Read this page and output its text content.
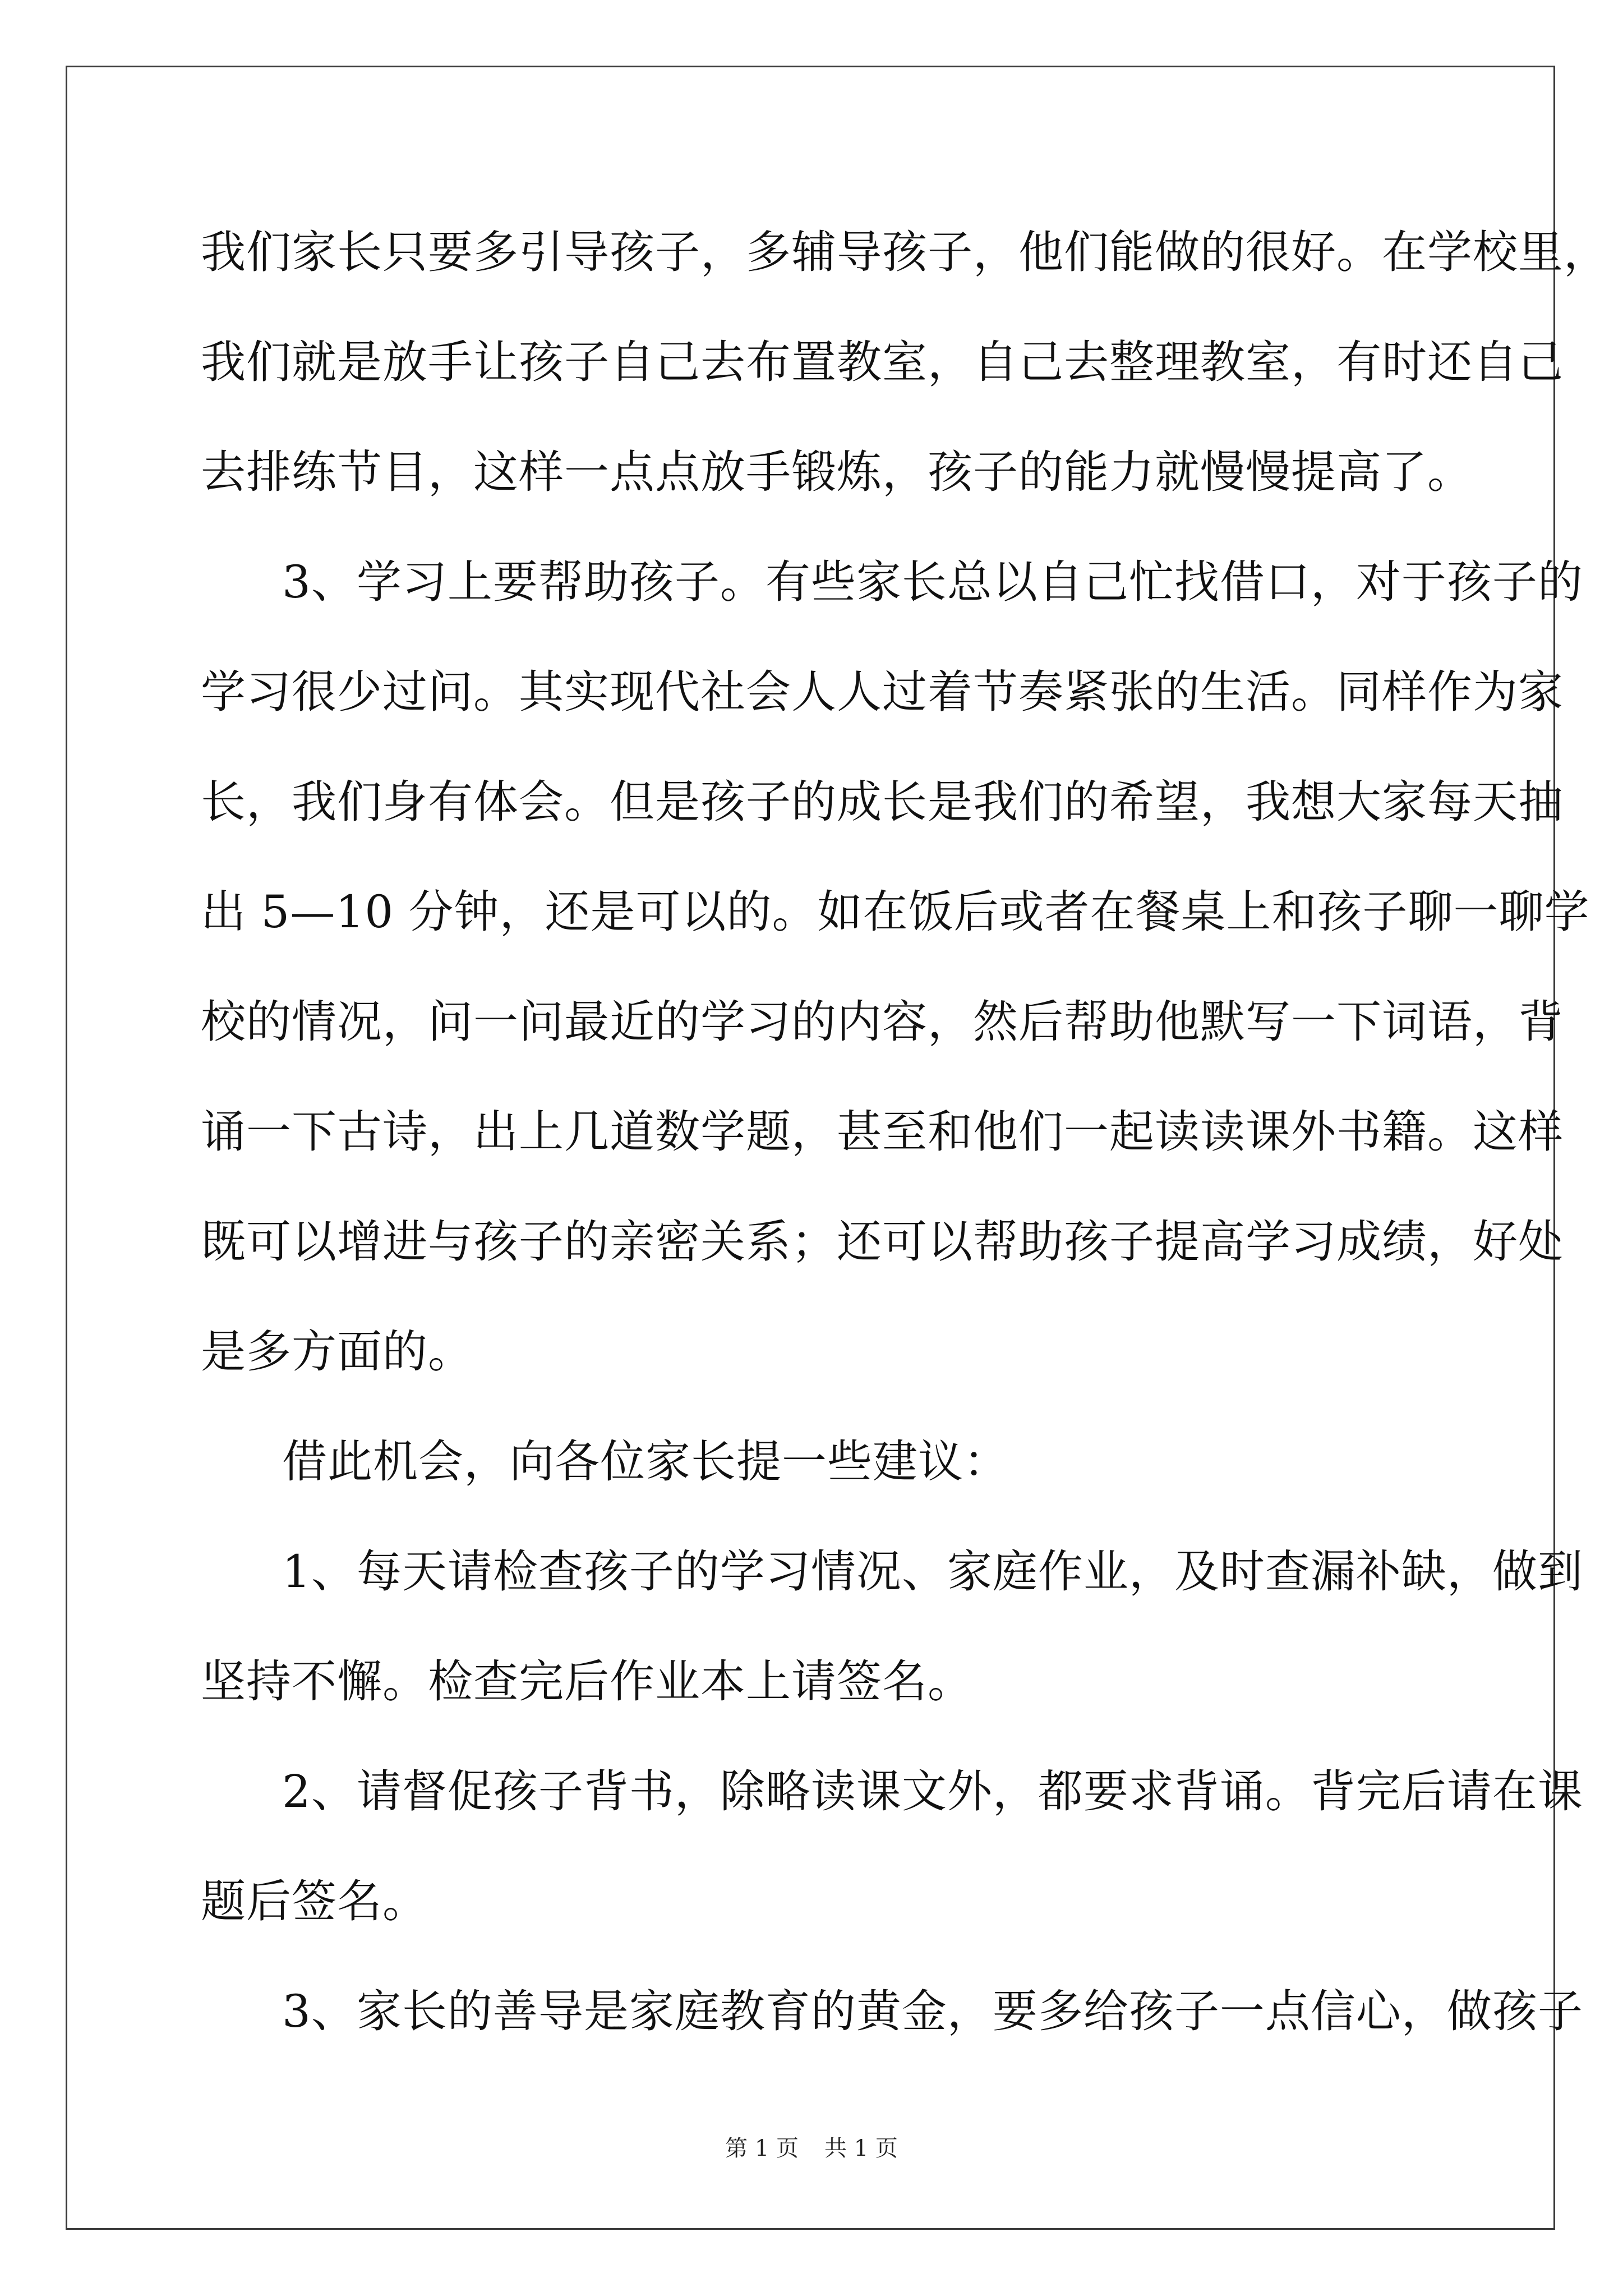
我们家长只要多引导孩子，多辅导孩子，他们能做的很好。在学校里，
我们就是放手让孩子自己去布置教室，自己去整理教室，有时还自己
去排练节目，这样一点点放手锻炼，孩子的能力就慢慢提高了。
3、学习上要帮助孩子。有些家长总以自己忙找借口，对于孩子的
学习很少过问。其实现代社会人人过着节奏紧张的生活。同样作为家
长，我们身有体会。但是孩子的成长是我们的希望，我想大家每天抽
出 5—10 分钟，还是可以的。如在饭后或者在餐桌上和孩子聊一聊学
校的情况，问一问最近的学习的内容，然后帮助他默写一下词语，背
诵一下古诗，出上几道数学题，甚至和他们一起读读课外书籍。这样
既可以增进与孩子的亲密关系；还可以帮助孩子提高学习成绩，好处
是多方面的。
借此机会，向各位家长提一些建议：
1、每天请检查孩子的学习情况、家庭作业，及时查漏补缺，做到
坚持不懈。检查完后作业本上请签名。
2、请督促孩子背书，除略读课文外，都要求背诵。背完后请在课
题后签名。
3、家长的善导是家庭教育的黄金，要多给孩子一点信心，做孩子
第 1 页 共 1 页
